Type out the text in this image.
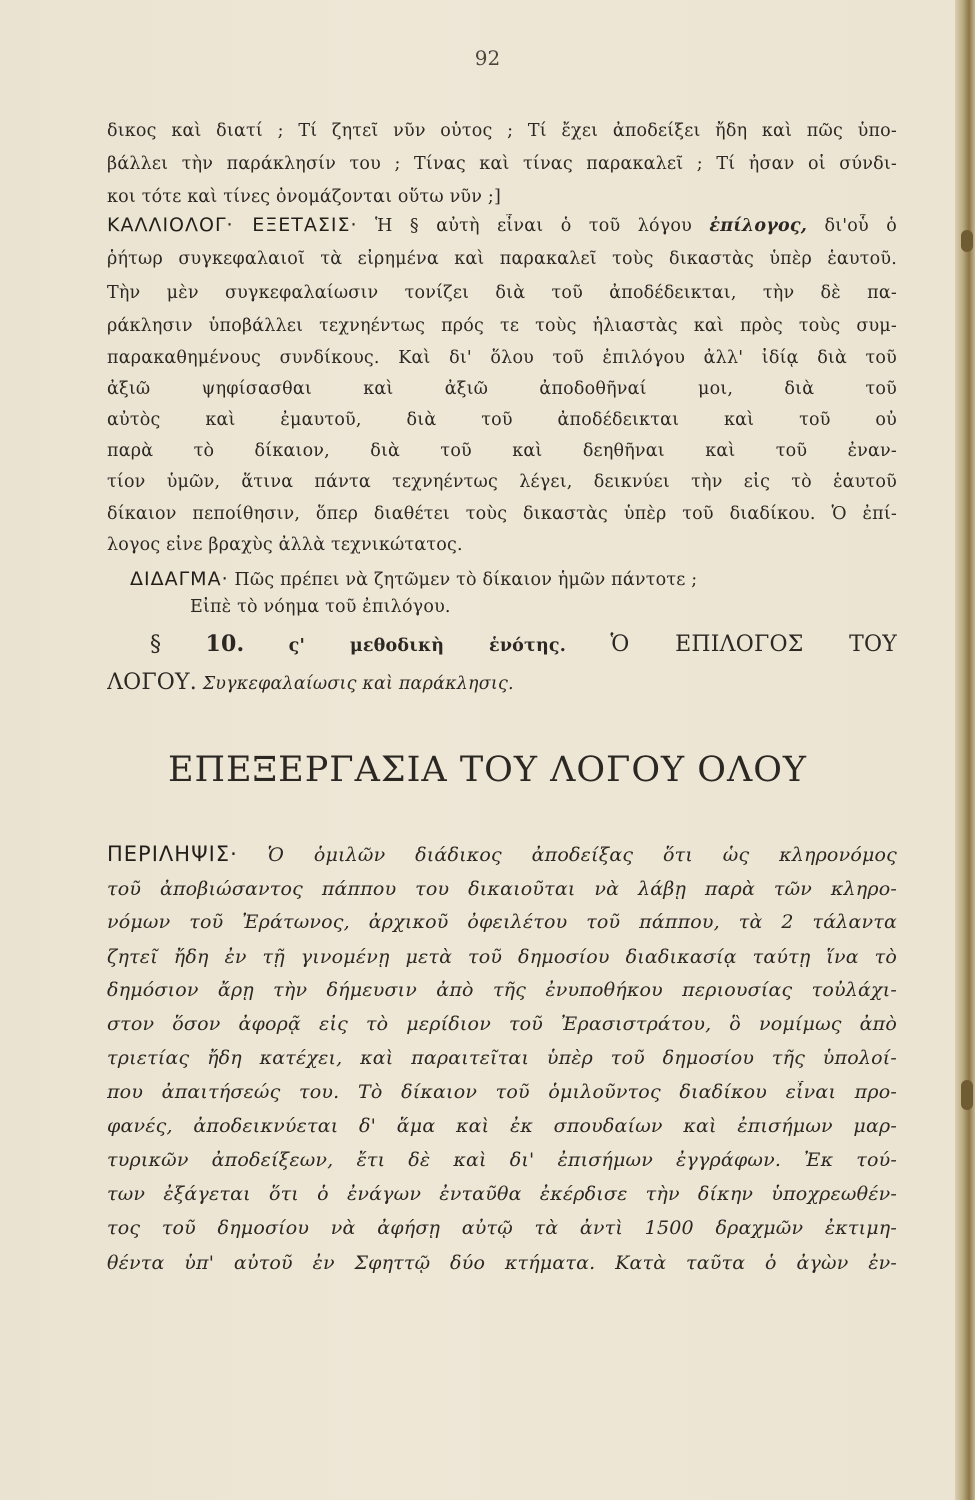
92
δικος καὶ διατί ; Τί ζητεῖ νῦν οὗτος ; Τί ἔχει ἀποδείξει ἤδη καὶ πῶς ὑπο-
βάλλει τὴν παράκλησίν του ; Τίνας καὶ τίνας παρακαλεῖ ; Τί ἦσαν οἱ σύνδι-
κοι τότε καὶ τίνες ὀνομάζονται οὕτω νῦν ;]
ΚΑΛΛΙΟΛΟΓ· ΕΞΕΤΑΣΙΣ· Ἡ § αὐτὴ εἶναι ὁ τοῦ λόγου ἐπίλογος, δι'οὗ ὁ
ῥήτωρ συγκεφαλαιοῖ τὰ εἰρημένα καὶ παρακαλεῖ τοὺς δικαστὰς ὑπὲρ ἑαυτοῦ.
Τὴν μὲν συγκεφαλαίωσιν τονίζει διὰ τοῦ ἀποδέδεικται, τὴν δὲ πα-
ράκλησιν ὑποβάλλει τεχνηέντως πρός τε τοὺς ἡλιαστὰς καὶ πρὸς τοὺς συμ-
παρακαθημένους συνδίκους. Καὶ δι' ὅλου τοῦ ἐπιλόγου ἀλλ' ἰδίᾳ διὰ τοῦ
ἀξιῶ ψηφίσασθαι καὶ ἀξιῶ ἀποδοθῆναί μοι, διὰ τοῦ
αὐτὸς καὶ ἐμαυτοῦ, διὰ τοῦ ἀποδέδεικται καὶ τοῦ οὐ
παρὰ τὸ δίκαιον, διὰ τοῦ καὶ δεηθῆναι καὶ τοῦ ἐναν-
τίον ὑμῶν, ἅτινα πάντα τεχνηέντως λέγει, δεικνύει τὴν εἰς τὸ ἑαυτοῦ
δίκαιον πεποίθησιν, ὅπερ διαθέτει τοὺς δικαστὰς ὑπὲρ τοῦ διαδίκου. Ὁ ἐπί-
λογος εἶνε βραχὺς ἀλλὰ τεχνικώτατος.
ΔΙΔΑΓΜΑ· Πῶς πρέπει νὰ ζητῶμεν τὸ δίκαιον ἡμῶν πάντοτε ;
Εἰπὲ τὸ νόημα τοῦ ἐπιλόγου.
§ 10.	ς' μεθοδικὴ ἑνότης. Ὁ ΕΠΙΛΟΓΟΣ ΤΟΥ
ΛΟΓΟΥ. Συγκεφαλαίωσις καὶ παράκλησις.
ΕΠΕΞΕΡΓΑΣΙΑ ΤΟΥ ΛΟΓΟΥ ΟΛΟΥ
ΠΕΡΙΛΗΨΙΣ· Ὁ ὁμιλῶν διάδικος ἀποδείξας ὅτι ὡς κληρονόμος
τοῦ ἀποβιώσαντος πάππου του δικαιοῦται νὰ λάβῃ παρὰ τῶν κληρο-
νόμων τοῦ Ἐράτωνος, ἀρχικοῦ ὀφειλέτου τοῦ πάππου, τὰ 2 τάλαντα
ζητεῖ ἤδη ἐν τῇ γινομένῃ μετὰ τοῦ δημοσίου διαδικασίᾳ ταύτῃ ἵνα τὸ
δημόσιον ἄρῃ τὴν δήμευσιν ἀπὸ τῆς ἐνυποθήκου περιουσίας τοὐλάχι-
στον ὅσον ἀφορᾷ εἰς τὸ μερίδιον τοῦ Ἐρασιστράτου, ὃ νομίμως ἀπὸ
τριετίας ἤδη κατέχει, καὶ παραιτεῖται ὑπὲρ τοῦ δημοσίου τῆς ὑπολοί-
που ἀπαιτήσεώς του. Τὸ δίκαιον τοῦ ὁμιλοῦντος διαδίκου εἶναι προ-
φανές, ἀποδεικνύεται δ' ἅμα καὶ ἐκ σπουδαίων καὶ ἐπισήμων μαρ-
τυρικῶν ἀποδείξεων, ἔτι δὲ καὶ δι' ἐπισήμων ἐγγράφων. Ἐκ τού-
των ἐξάγεται ὅτι ὁ ἐνάγων ἐνταῦθα ἐκέρδισε τὴν δίκην ὑποχρεωθέν-
τος τοῦ δημοσίου νὰ ἀφήσῃ αὐτῷ τὰ ἀντὶ 1500 δραχμῶν ἐκτιμη-
θέντα ὑπ' αὐτοῦ ἐν Σφηττῷ δύο κτήματα. Κατὰ ταῦτα ὁ ἀγὼν ἐν-
